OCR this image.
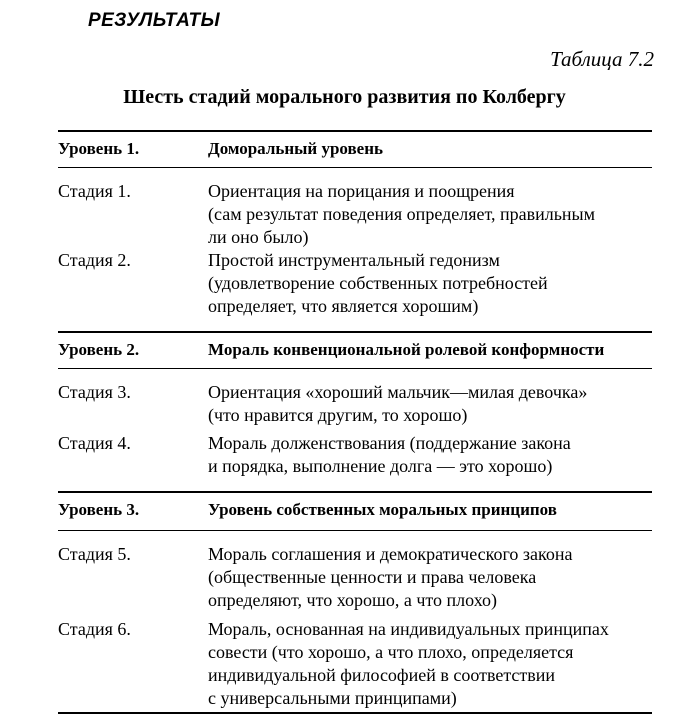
РЕЗУЛЬТАТЫ
Таблица 7.2
Шесть стадий морального развития по Колбергу
Уровень 1.	Доморальный уровень
Стадия 1.	Ориентация на порицания и поощрения
(сам результат поведения определяет, правильным
ли оно было)
Стадия 2.	Простой инструментальный гедонизм
(удовлетворение собственных потребностей
определяет, что является хорошим)
Уровень 2.	Мораль конвенциональной ролевой конформности
Стадия 3.	Ориентация «хороший мальчик—милая девочка»
(что нравится другим, то хорошо)
Стадия 4.	Мораль долженствования (поддержание закона
и порядка, выполнение долга — это хорошо)
Уровень 3.	Уровень собственных моральных принципов
Стадия 5.	Мораль соглашения и демократического закона
(общественные ценности и права человека
определяют, что хорошо, а что плохо)
Стадия 6.	Мораль, основанная на индивидуальных принципах
совести (что хорошо, а что плохо, определяется
индивидуальной философией в соответствии
с универсальными принципами)
